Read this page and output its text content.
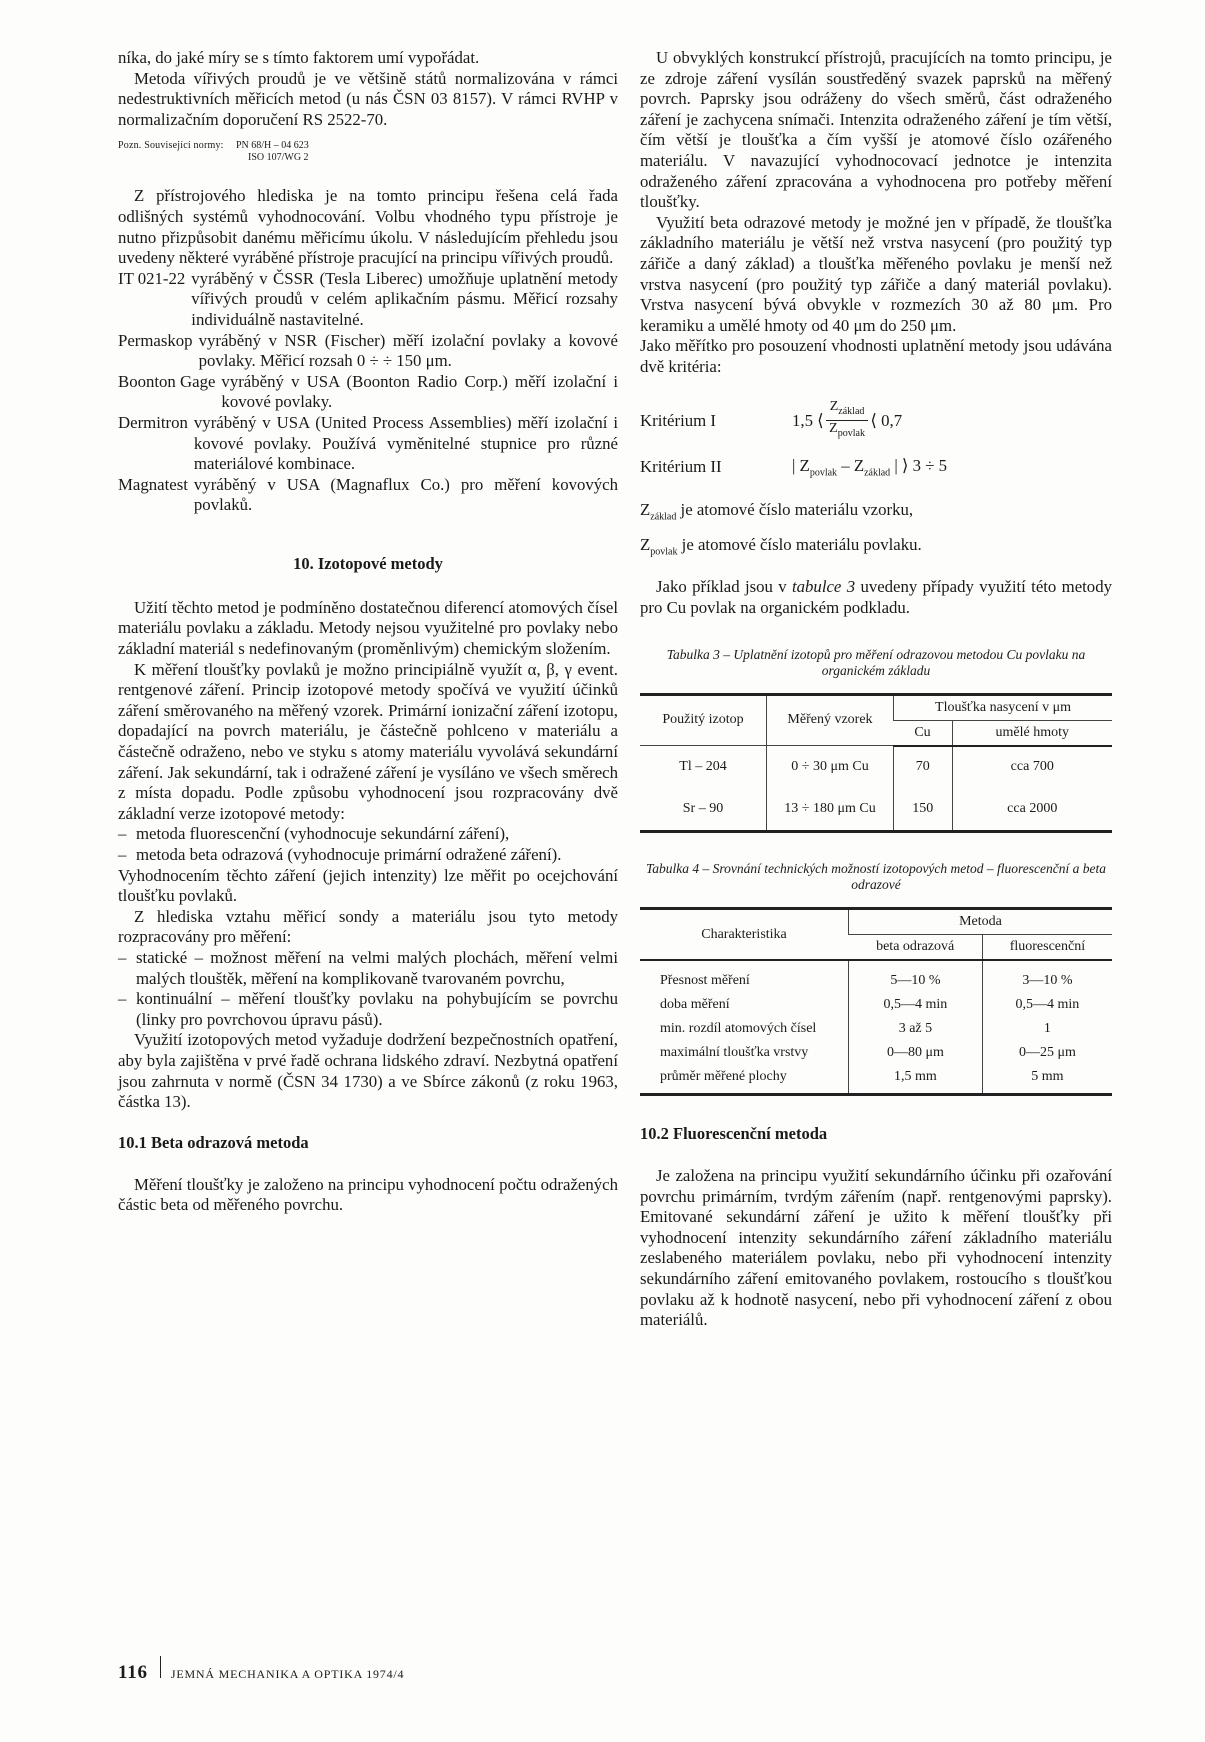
níka, do jaké míry se s tímto faktorem umí vypořádat.

Metoda vířivých proudů je ve většině států normalizována v rámci nedestruktivních měřicích metod (u nás ČSN 03 8157). V rámci RVHP v normalizačním doporučení RS 2522-70.

Pozn. Související normy:	PN 68/H – 04 623
ISO 107/WG 2

Z přístrojového hlediska je na tomto principu řešena celá řada odlišných systémů vyhodnocování. Volbu vhodného typu přístroje je nutno přizpůsobit danému měřicímu úkolu. V následujícím přehledu jsou uvedeny některé vyráběné přístroje pracující na principu vířivých proudů.

IT 021-22 vyráběný v ČSSR (Tesla Liberec) umožňuje uplatnění metody vířivých proudů v celém aplikačním pásmu. Měřicí rozsahy individuálně nastavitelné.
Permaskop vyráběný v NSR (Fischer) měří izolační povlaky a kovové povlaky. Měřicí rozsah 0 ÷ ÷ 150 μm.
Boonton Gage vyráběný v USA (Boonton Radio Corp.) měří izolační i kovové povlaky.
Dermitron vyráběný v USA (United Process Assemblies) měří izolační i kovové povlaky. Používá vyměnitelné stupnice pro různé materiálové kombinace.
Magnatest vyráběný v USA (Magnaflux Co.) pro měření kovových povlaků.
10. Izotopové metody

Užití těchto metod je podmíněno dostatečnou diferencí atomových čísel materiálu povlaku a základu. Metody nejsou využitelné pro povlaky nebo základní materiál s nedefinovaným (proměnlivým) chemickým složením.

K měření tloušťky povlaků je možno principiálně využít α, β, γ event. rentgenové záření. Princip izotopové metody spočívá ve využití účinků záření směrovaného na měřený vzorek. Primární ionizační záření izotopu, dopadající na povrch materiálu, je částečně pohlceno v materiálu a částečně odraženo, nebo ve styku s atomy materiálu vyvolává sekundární záření. Jak sekundární, tak i odražené záření je vysíláno ve všech směrech z místa dopadu. Podle způsobu vyhodnocení jsou rozpracovány dvě základní verze izotopové metody:

– metoda fluorescenční (vyhodnocuje sekundární záření),
– metoda beta odrazová (vyhodnocuje primární odražené záření).

Vyhodnocením těchto záření (jejich intenzity) lze měřit po ocejchování tloušťku povlaků.

Z hlediska vztahu měřicí sondy a materiálu jsou tyto metody rozpracovány pro měření:

– statické – možnost měření na velmi malých plochách, měření velmi malých tlouštěk, měření na komplikovaně tvarovaném povrchu,
– kontinuální – měření tloušťky povlaku na pohybujícím se povrchu (linky pro povrchovou úpravu pásů).

Využití izotopových metod vyžaduje dodržení bezpečnostních opatření, aby byla zajištěna v prvé řadě ochrana lidského zdraví. Nezbytná opatření jsou zahrnuta v normě (ČSN 34 1730) a ve Sbírce zákonů (z roku 1963, částka 13).

10.1 Beta odrazová metoda

Měření tloušťky je založeno na principu vyhodnocení počtu odražených částic beta od měřeného povrchu.

U obvyklých konstrukcí přístrojů, pracujících na tomto principu, je ze zdroje záření vysílán soustředěný svazek paprsků na měřený povrch. Paprsky jsou odráženy do všech směrů, část odraženého záření je zachycena snímači. Intenzita odraženého záření je tím větší, čím větší je tloušťka a čím vyšší je atomové číslo ozářeného materiálu. V navazující vyhodnocovací jednotce je intenzita odraženého záření zpracována a vyhodnocena pro potřeby měření tloušťky.

Využití beta odrazové metody je možné jen v případě, že tloušťka základního materiálu je větší než vrstva nasycení (pro použitý typ zářiče a daný základ) a tloušťka měřeného povlaku je menší než vrstva nasycení (pro použitý typ zářiče a daný materiál povlaku). Vrstva nasycení bývá obvykle v rozmezích 30 až 80 μm. Pro keramiku a umělé hmoty od 40 μm do 250 μm.

Jako měřítko pro posouzení vhodnosti uplatnění metody jsou udávána dvě kritéria:

Kritérium I	1,5 ⟨ $\frac{Z_{základ}}{Z_{povlak}}$ ⟨ 0,7
Kritérium II	| $Z_{povlak} - Z_{základ}$ | ⟩ 3 ÷ 5

$Z_{základ}$ je atomové číslo materiálu vzorku,

$Z_{povlak}$ je atomové číslo materiálu povlaku.

Jako příklad jsou v tabulce 3 uvedeny případy využití této metody pro Cu povlak na organickém podkladu.

Tabulka 3 – Uplatnění izotopů pro měření odrazovou metodou Cu povlaku na organickém základu
Použitý izotop	Měřený vzorek	Tloušťka nasycení v μm	
		Cu	umělé hmoty
Tl – 204	0 ÷ 30 μm Cu	70	cca 700
Sr – 90	13 ÷ 180 μm Cu	150	cca 2000
Tabulka 4 – Srovnání technických možností izotopových metod – fluorescenční a beta odrazové
Charakteristika	Metoda	
	beta odrazová	fluorescenční
Přesnost měření	5—10 %	3—10 %
doba měření	0,5—4 min	0,5—4 min
min. rozdíl atomových čísel	3 až 5	1
maximální tloušťka vrstvy	0—80 μm	0—25 μm
průměr měřené plochy	1,5 mm	5 mm
10.2 Fluorescenční metoda

Je založena na principu využití sekundárního účinku při ozařování povrchu primárním, tvrdým zářením (např. rentgenovými paprsky). Emitované sekundární záření je užito k měření tloušťky při vyhodnocení intenzity sekundárního záření základního materiálu zeslabeného materiálem povlaku, nebo při vyhodnocení intenzity sekundárního záření emitovaného povlakem, rostoucího s tloušťkou povlaku až k hodnotě nasycení, nebo při vyhodnocení záření z obou materiálů.

116 JEMNÁ MECHANIKA A OPTIKA 1974/4
